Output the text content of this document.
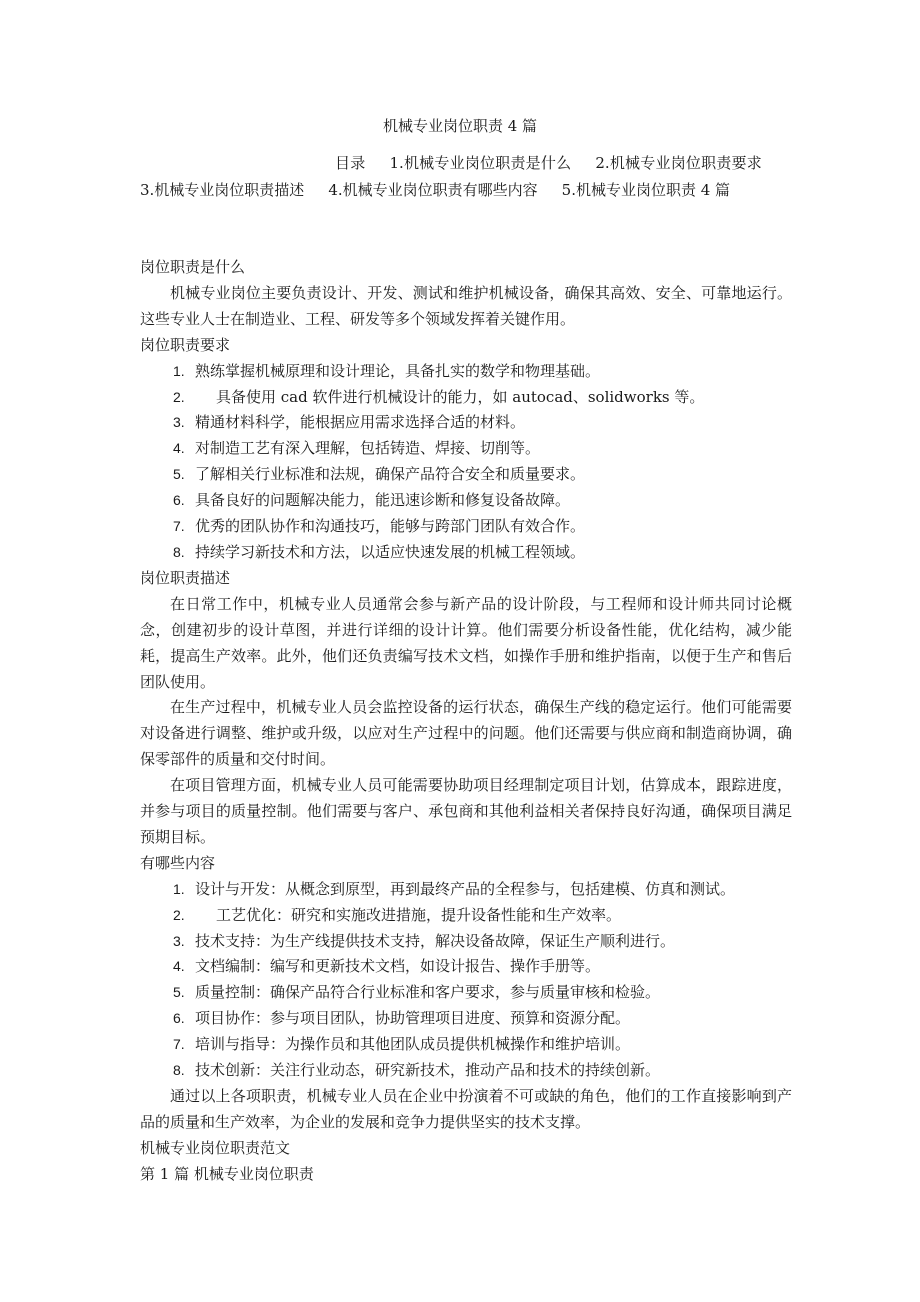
机械专业岗位职责 4 篇
目录 1.机械专业岗位职责是什么 2.机械专业岗位职责要求3.机械专业岗位职责描述 4.机械专业岗位职责有哪些内容 5.机械专业岗位职责 4 篇

岗位职责是什么

机械专业岗位主要负责设计、开发、测试和维护机械设备，确保其高效、安全、可靠地运行。这些专业人士在制造业、工程、研发等多个领域发挥着关键作用。

岗位职责要求

1. 熟练掌握机械原理和设计理论，具备扎实的数学和物理基础。
2. 具备使用 cad 软件进行机械设计的能力，如 autocad、solidworks 等。
3. 精通材料科学，能根据应用需求选择合适的材料。
4. 对制造工艺有深入理解，包括铸造、焊接、切削等。
5. 了解相关行业标准和法规，确保产品符合安全和质量要求。
6. 具备良好的问题解决能力，能迅速诊断和修复设备故障。
7. 优秀的团队协作和沟通技巧，能够与跨部门团队有效合作。
8. 持续学习新技术和方法，以适应快速发展的机械工程领域。

岗位职责描述

在日常工作中，机械专业人员通常会参与新产品的设计阶段，与工程师和设计师共同讨论概念，创建初步的设计草图，并进行详细的设计计算。他们需要分析设备性能，优化结构，减少能耗，提高生产效率。此外，他们还负责编写技术文档，如操作手册和维护指南，以便于生产和售后团队使用。

在生产过程中，机械专业人员会监控设备的运行状态，确保生产线的稳定运行。他们可能需要对设备进行调整、维护或升级，以应对生产过程中的问题。他们还需要与供应商和制造商协调，确保零部件的质量和交付时间。

在项目管理方面，机械专业人员可能需要协助项目经理制定项目计划，估算成本，跟踪进度，并参与项目的质量控制。他们需要与客户、承包商和其他利益相关者保持良好沟通，确保项目满足预期目标。

有哪些内容

1. 设计与开发：从概念到原型，再到最终产品的全程参与，包括建模、仿真和测试。
2. 工艺优化：研究和实施改进措施，提升设备性能和生产效率。
3. 技术支持：为生产线提供技术支持，解决设备故障，保证生产顺利进行。
4. 文档编制：编写和更新技术文档，如设计报告、操作手册等。
5. 质量控制：确保产品符合行业标准和客户要求，参与质量审核和检验。
6. 项目协作：参与项目团队，协助管理项目进度、预算和资源分配。
7. 培训与指导：为操作员和其他团队成员提供机械操作和维护培训。
8. 技术创新：关注行业动态，研究新技术，推动产品和技术的持续创新。

通过以上各项职责，机械专业人员在企业中扮演着不可或缺的角色，他们的工作直接影响到产品的质量和生产效率，为企业的发展和竞争力提供坚实的技术支撑。

机械专业岗位职责范文

第 1 篇 机械专业岗位职责
